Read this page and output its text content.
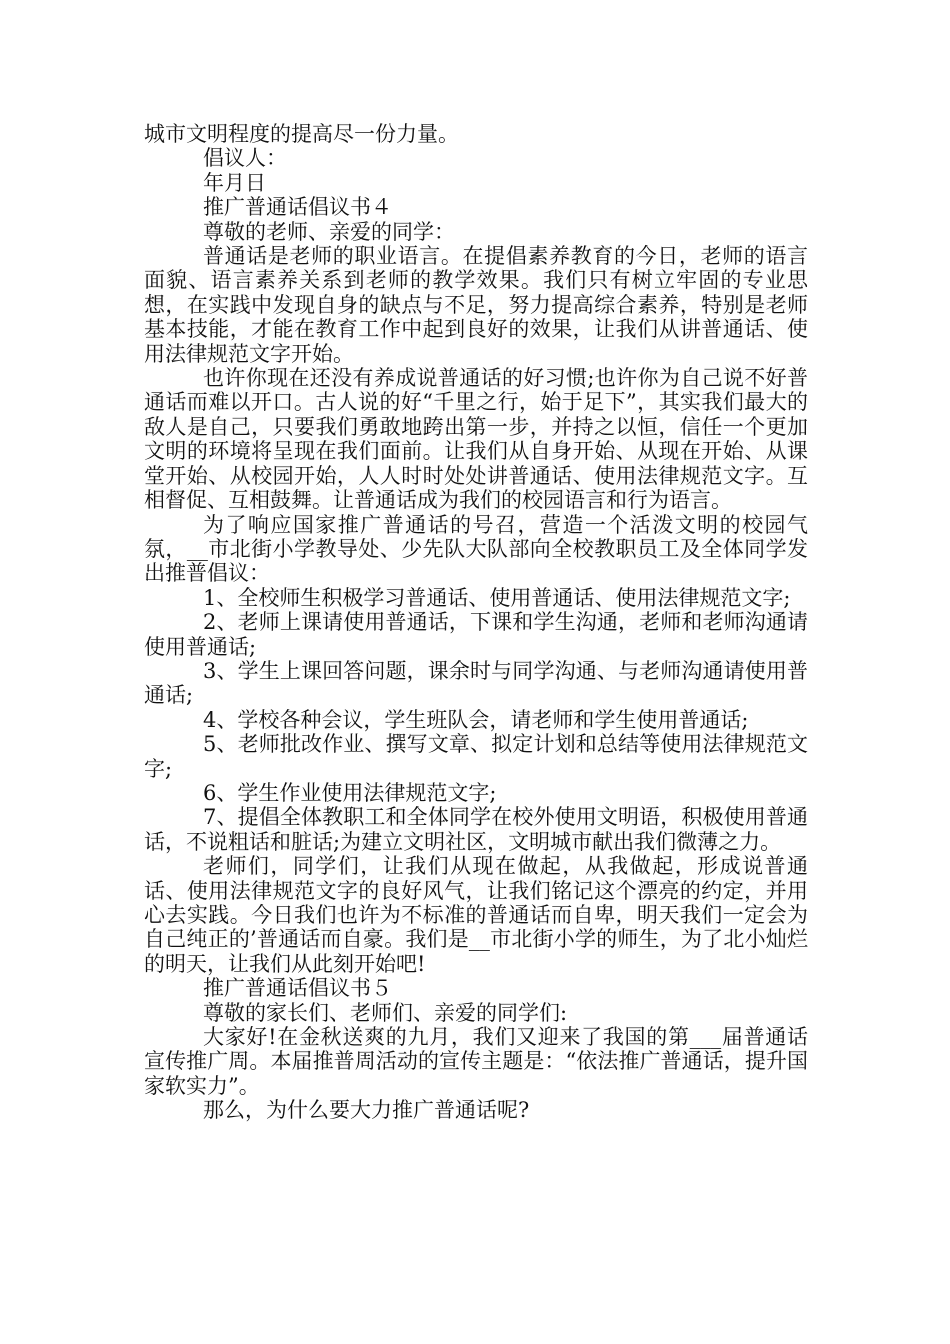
城市文明程度的提高尽一份力量。

倡议人：

年月日

推广普通话倡议书４

尊敬的老师、亲爱的同学：

普通话是老师的职业语言。在提倡素养教育的今日，老师的语言面貌、语言素养关系到老师的教学效果。我们只有树立牢固的专业思想，在实践中发现自身的缺点与不足，努力提高综合素养，特别是老师基本技能，才能在教育工作中起到良好的效果，让我们从讲普通话、使用法律规范文字开始。

也许你现在还没有养成说普通话的好习惯;也许你为自己说不好普通话而难以开口。古人说的好“千里之行，始于足下”，其实我们最大的敌人是自己，只要我们勇敢地跨出第一步，并持之以恒，信任一个更加文明的环境将呈现在我们面前。让我们从自身开始、从现在开始、从课堂开始、从校园开始，人人时时处处讲普通话、使用法律规范文字。互相督促、互相鼓舞。让普通话成为我们的校园语言和行为语言。

为了响应国家推广普通话的号召，营造一个活泼文明的校园气氛，__市北街小学教导处、少先队大队部向全校教职员工及全体同学发出推普倡议：

1、全校师生积极学习普通话、使用普通话、使用法律规范文字;

2、老师上课请使用普通话，下课和学生沟通，老师和老师沟通请使用普通话;

3、学生上课回答问题，课余时与同学沟通、与老师沟通请使用普通话;

4、学校各种会议，学生班队会，请老师和学生使用普通话;

5、老师批改作业、撰写文章、拟定计划和总结等使用法律规范文字;

6、学生作业使用法律规范文字;

7、提倡全体教职工和全体同学在校外使用文明语，积极使用普通话，不说粗话和脏话;为建立文明社区，文明城市献出我们微薄之力。

老师们，同学们，让我们从现在做起，从我做起，形成说普通话、使用法律规范文字的良好风气，让我们铭记这个漂亮的约定，并用心去实践。今日我们也许为不标准的普通话而自卑，明天我们一定会为自己纯正的’普通话而自豪。我们是__市北街小学的师生，为了北小灿烂的明天，让我们从此刻开始吧!

推广普通话倡议书５

尊敬的家长们、老师们、亲爱的同学们:

大家好!在金秋送爽的九月，我们又迎来了我国的第___届普通话宣传推广周。本届推普周活动的宣传主题是：“依法推广普通话，提升国家软实力”。

那么，为什么要大力推广普通话呢?
